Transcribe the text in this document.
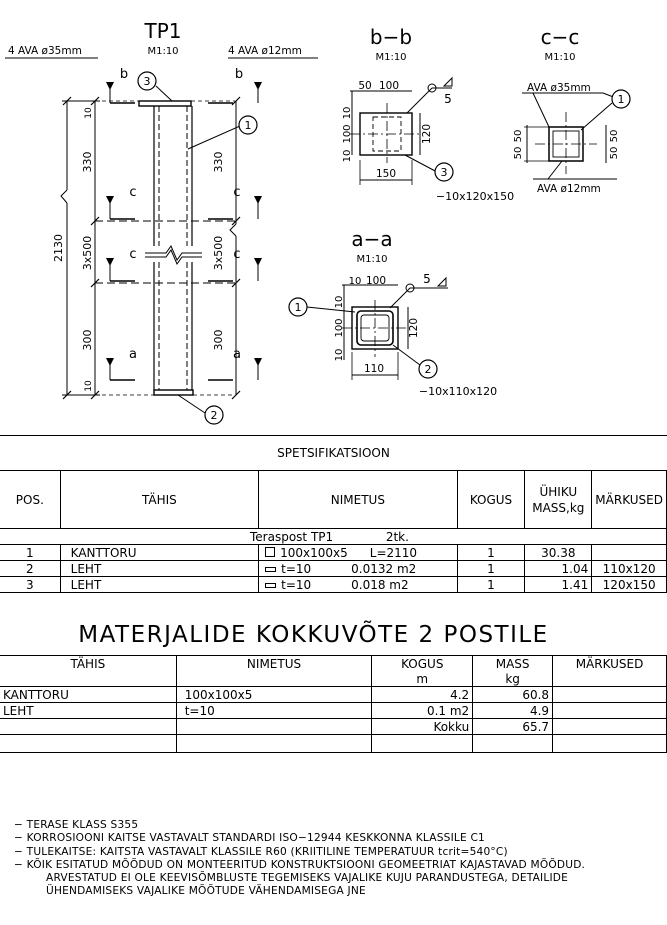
TP1
M1:10
4 AVA ø35mm	4 AVA ø12mm
b	b
c	c
c	c
a	a
2130
330
3x500
300
10
10
330
3x500
300
3
1
2
b−b
M1:10
50 100
120
150
10
100
10
5
−10x120x150
3
c−c
M1:10
AVA ø35mm
AVA ø12mm
50
50
50
50
1
a−a
M1:10
10 100
120
110
10
100
10
5
−10x110x120
1
2
SPETSIFIKATSIOON
POS.	TÄHIS	NIMETUS	KOGUS	ÜHIKU MASS,kg	MÄRKUSED
Teraspost TP1 2tk.					
1	KANTTORU	100x100x5 L=2110	1	30.38	
2	LEHT	t=10 0.0132 m2	1	1.04	110x120
3	LEHT	t=10 0.018 m2	1	1.41	120x150
MATERJALIDE KOKKUVÕTE 2 POSTILE
TÄHIS	NIMETUS	KOGUS	MASS	MÄRKUSED
		m	kg	
KANTTORU	100x100x5	4.2	60.8	
LEHT	t=10	0.1 m2	4.9	
		Kokku	65.7	

− TERASE KLASS S355
− KORROSIOONI KAITSE VASTAVALT STANDARDI ISO−12944 KESKKONNA KLASSILE C1
− TULEKAITSE: KAITSTA VASTAVALT KLASSILE R60 (KRIITILINE TEMPERATUUR tcrit=540°C)
− KÕIK ESITATUD MÕÕDUD ON MONTEERITUD KONSTRUKTSIOONI GEOMEETRIAT KAJASTAVAD MÕÕDUD.
ARVESTATUD EI OLE KEEVISÕMBLUSTE TEGEMISEKS VAJALIKE KUJU PARANDUSTEGA, DETAILIDE
ÜHENDAMISEKS VAJALIKE MÕÕTUDE VÄHENDAMISEGA JNE
